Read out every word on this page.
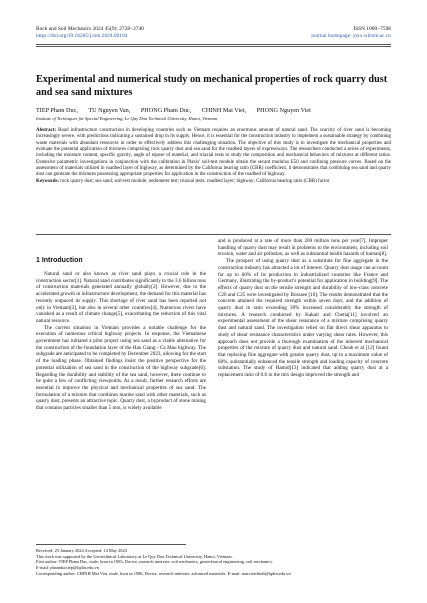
Rock and Soil Mechanics 2024 45(9): 2728−2740
https://doi.org/10.16285/j.rsm.2024.00104
ISSN 1000−7598
journal homepage: ytxx.whrsm.ac.cn
Experimental and numerical study on mechanical properties of rock quarry dust and sea sand mixtures
TIEP Pham Duc, TU Nguyen Van, PHONG Pham Duc, CHINH Mai Viet, PHONG Nguyen Viet
Institute of Techniques for Special Engineering, Le Quy Don Technical University, Hanoi, Vietnam
Abstract: Road infrastructure construction in developing countries such as Vietnam requires an enormous amount of natural sand. The scarcity of river sand is becoming increasingly severe, with predictions indicating a sustained drop in its supply. Hence, it is essential for the construction industry to implement a sustainable strategy by combining waste materials with abundant resources in order to effectively address this challenging situation. The objective of this study is to investigate the mechanical properties and evaluate the potential application of mixtures comprising rock quarry dust and sea sand for the roadbed layers of expressways. The researchers conducted a series of experiments, including the moisture content, specific gravity, angle of repose of material, and triaxial tests to study the composition and mechanical behaviors of mixtures at different ratios. Extensive parametric investigations in conjunction with the calibration in Plaxis' soil-test module obtain the secant modulus E50 and confining pressure curves. Based on the assessment of materials utilized in roadbed layer of highway, as determined by the California bearing ratio (CBR) coefficient, it demonstrates that combining sea sand and quarry dust can generate the mixtures possessing appropriate properties for application in the construction of the roadbed of highway.
Keywords: rock quarry dust; sea sand; soil-test module; oedometer test; triaxial tests; roadbed layer; highway; California bearing ratio (CBR) factor
1 Introduction

Natural sand or also known as river sand plays a crucial role in the construction sector[1]. Natural sand contributes significantly to the 3.6 billion tons of construction materials generated annually globally[2]. However, due to the accelerated growth in infrastructure development, the demand for this material has recently outpaced its supply. This shortage of river sand has been reported not only in Vietnam[3], but also in several other countries[4]. Numerous rivers have vanished as a result of climate change[5], exacerbating the reduction of this vital natural resource.

The current situation in Vietnam provides a notable challenge for the execution of numerous critical highway projects. In response, the Vietnamese government has initiated a pilot project using sea sand as a viable alternative for the construction of the foundation layer of the Hau Giang - Ca Mau highway. The subgrade are anticipated to be completed by December 2023, allowing for the start of the loading phase. Obtained findings insist the positive perspective for the potential utilization of sea sand in the construction of the highway subgrade[6]. Regarding the durability and stability of the sea sand, however, there continue to be quite a few of conflicting viewpoints. As a result, further research efforts are essential to improve the physical and mechanical properties of sea sand. The formulation of a mixture that combines marine sand with other materials, such as quarry dust, presents an attractive topic. Quarry dust, a byproduct of stone mining that contains particles smaller than 5 mm, is widely available

and is produced at a rate of more than 200 million tons per year[7]. Improper handling of quarry dust may result in problems to the environment, including soil erosion, water and air pollution, as well as substantial health hazards of human[8].

The prospect of using quarry dust as a substitute for fine aggregate in the construction industry has attracted a lot of interest. Quarry dust usage can account for up to 60% of its production in industrialized countries like France and Germany, illustrating the by-product's potential for application in building[9]. The effects of quarry dust on the tensile strength and durability of low-class concrete C20 and C25 were investigated by Borsaee [10]. The results demonstrated that the concrete attained the required strength within seven days, and the addition of quarry dust in ratio exceeding 30% increased considerably the strength of mixtures. A research conducted by Kakati and Chetia[11] involved an experimental assessment of the shear resistance of a mixture comprising quarry dust and natural sand. The investigation relied on flat direct shear apparatus to study of shear resistance characteristics under varying shear rates. However, this approach does not provide a thorough examination of the inherent mechanical properties of the mixture of quarry dust and natural sand. Cheah et al [12] found that replacing fine aggregate with granite quarry dust, up to a maximum value of 60%, substantially enhanced the tensile strength and loading capacity of concrete substation. The study of Hamid[13] indicated that adding quarry dust at a replacement ratio of 0.6 in the mix design improved the strength and

Received: 25 January 2024 Accepted: 14 May 2024
This work was supported by the Geotechnical Laboratory at Le Quy Don Technical University, Hanoi, Vietnam.
First author: TIEP Pham Duc, male, born in 1983, Doctor, research interests: soil mechanics, geotechnical engineering, soil mechanics.
E-mail: phamductiep@lqdtu.edu.vn
Corresponding author: CHINH Mai Viet, male, born in 1986, Doctor, research interests: advanced materials. E-mail: maivietchinh@lqdtu.edu.vn
